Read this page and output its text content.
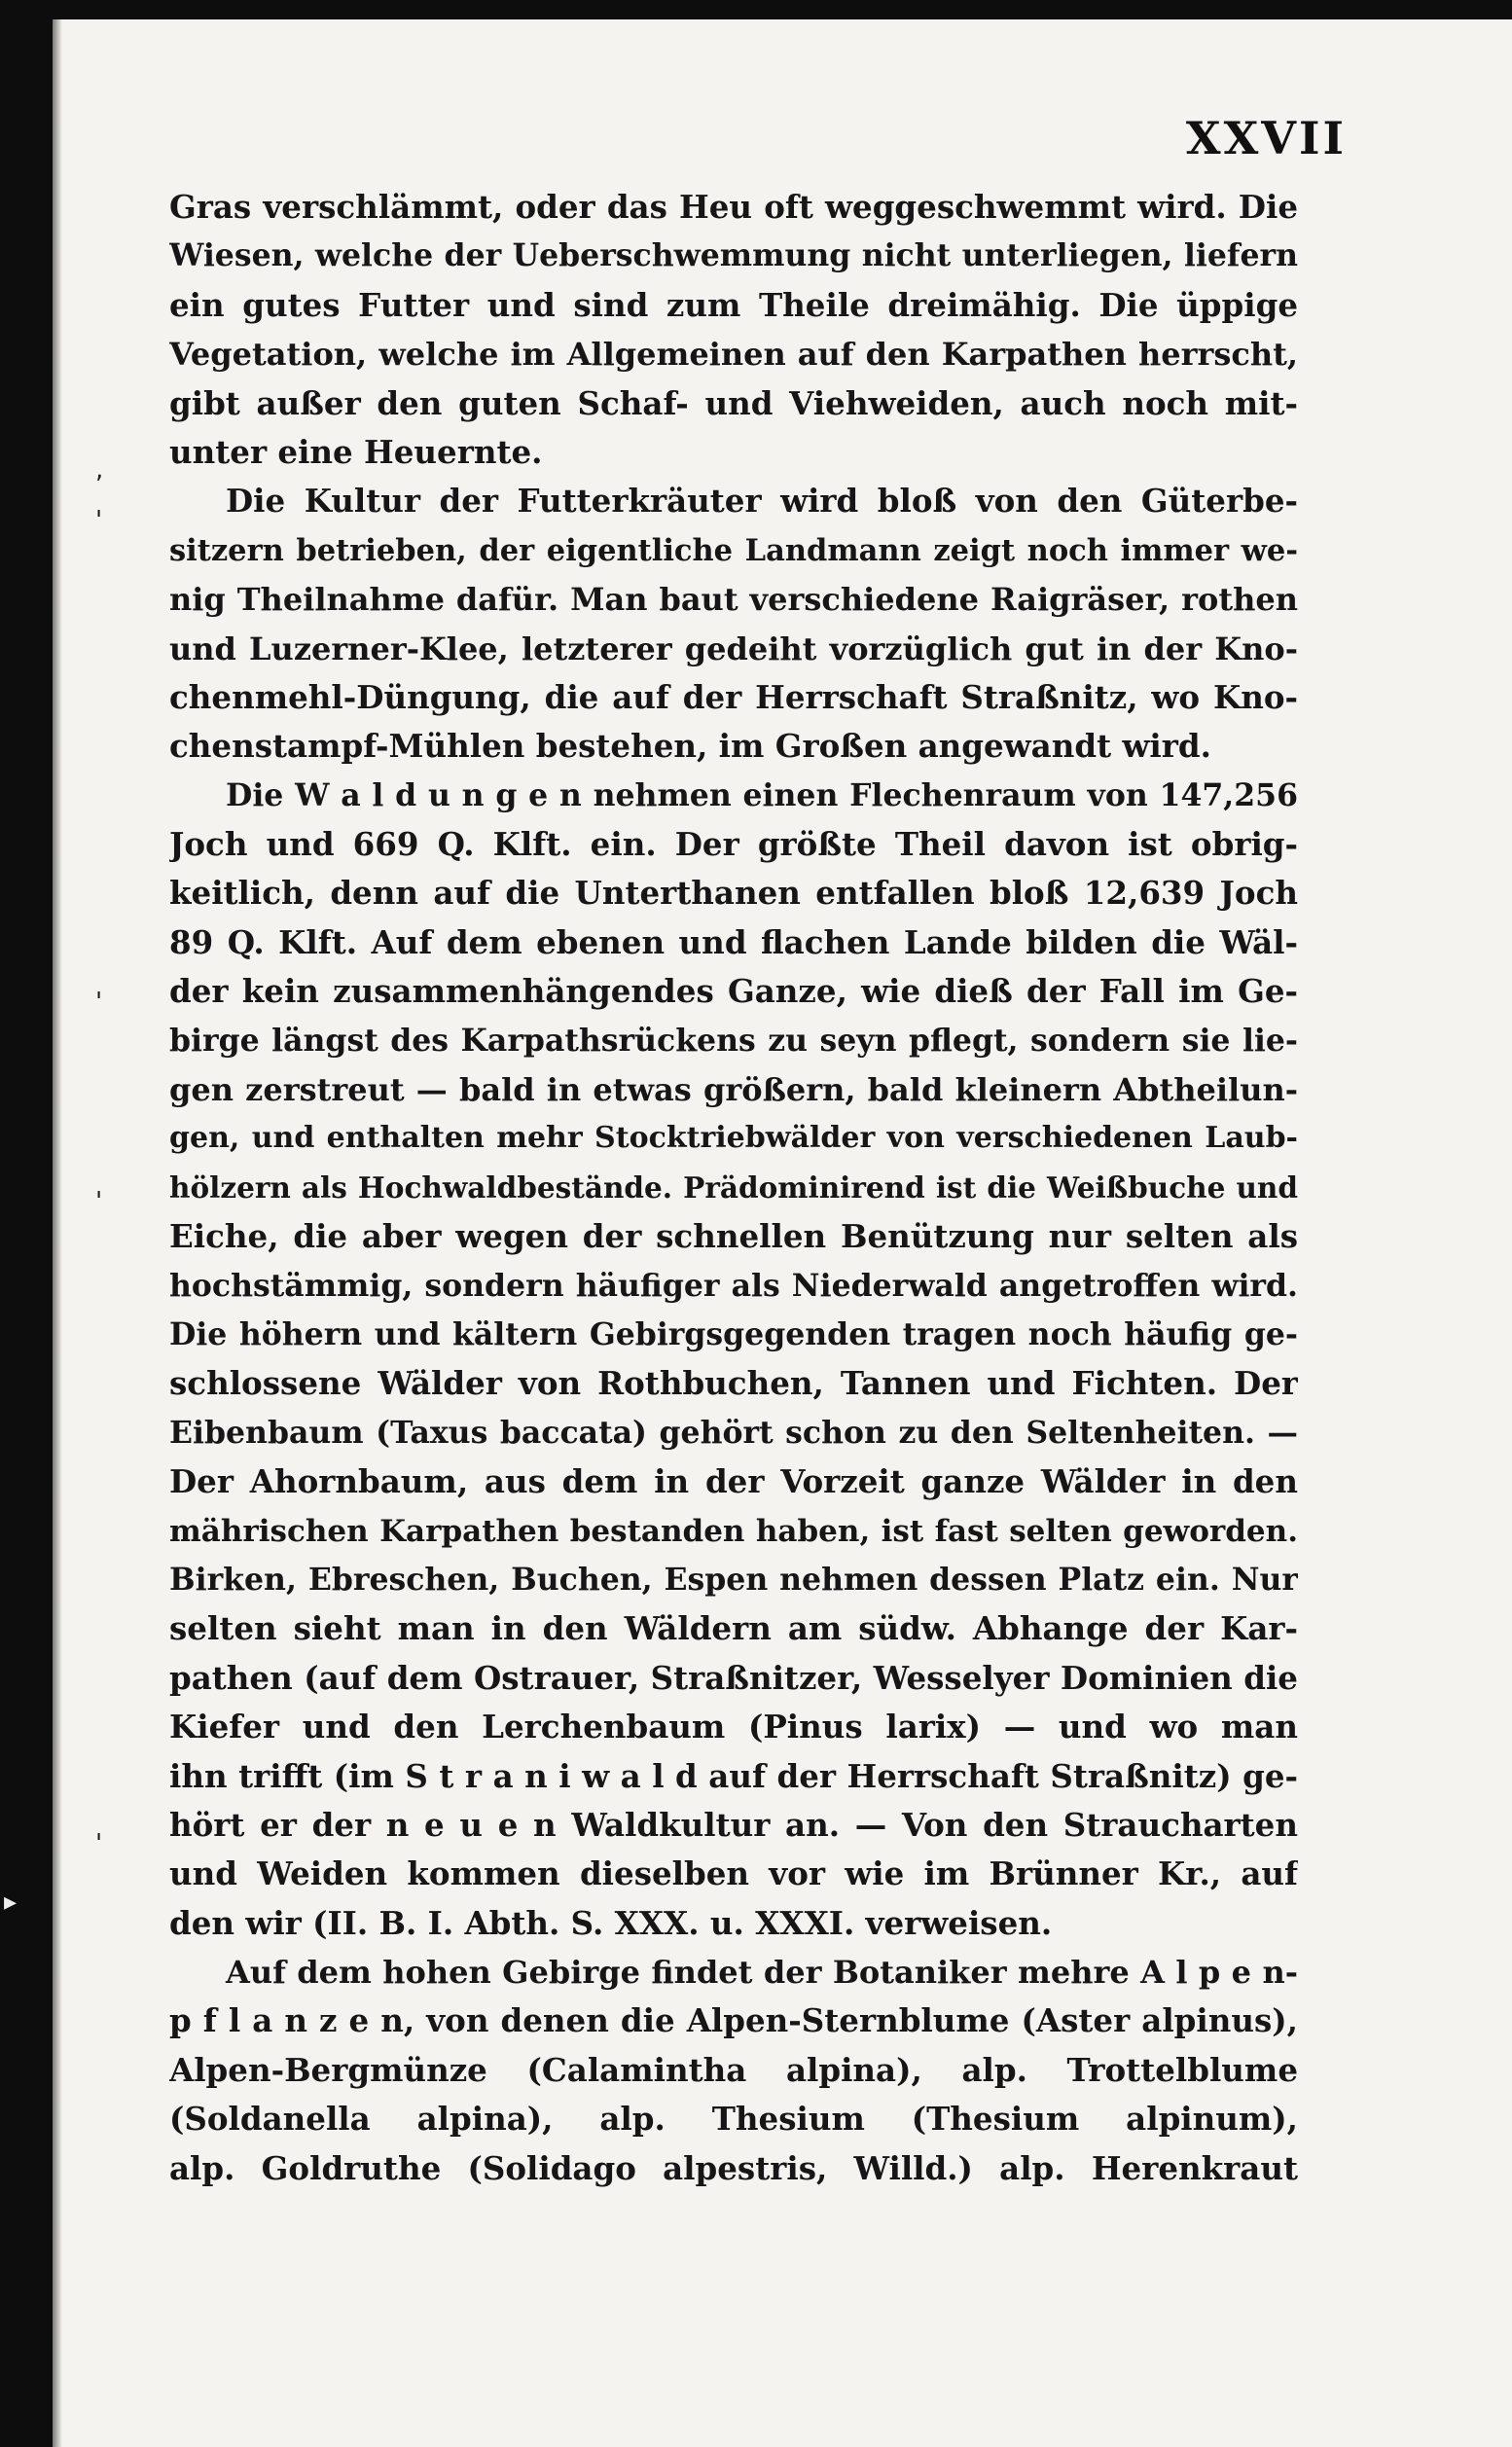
XXVII
Gras verschlämmt, oder das Heu oft weggeschwemmt wird. Die
Wiesen, welche der Ueberschwemmung nicht unterliegen, liefern
ein gutes Futter und sind zum Theile dreimähig. Die üppige
Vegetation, welche im Allgemeinen auf den Karpathen herrscht,
gibt außer den guten Schaf- und Viehweiden, auch noch mit-
unter eine Heuernte.
Die Kultur der Futterkräuter wird bloß von den Güterbe-
sitzern betrieben, der eigentliche Landmann zeigt noch immer we-
nig Theilnahme dafür. Man baut verschiedene Raigräser, rothen
und Luzerner-Klee, letzterer gedeiht vorzüglich gut in der Kno-
chenmehl-Düngung, die auf der Herrschaft Straßnitz, wo Kno-
chenstampf-Mühlen bestehen, im Großen angewandt wird.
Die W a l d u n g e n nehmen einen Flechenraum von 147,256
Joch und 669 Q. Klft. ein. Der größte Theil davon ist obrig-
keitlich, denn auf die Unterthanen entfallen bloß 12,639 Joch
89 Q. Klft. Auf dem ebenen und flachen Lande bilden die Wäl-
der kein zusammenhängendes Ganze, wie dieß der Fall im Ge-
birge längst des Karpathsrückens zu seyn pflegt, sondern sie lie-
gen zerstreut — bald in etwas größern, bald kleinern Abtheilun-
gen, und enthalten mehr Stocktriebwälder von verschiedenen Laub-
hölzern als Hochwaldbestände. Prädominirend ist die Weißbuche und
Eiche, die aber wegen der schnellen Benützung nur selten als
hochstämmig, sondern häufiger als Niederwald angetroffen wird.
Die höhern und kältern Gebirgsgegenden tragen noch häufig ge-
schlossene Wälder von Rothbuchen, Tannen und Fichten. Der
Eibenbaum (Taxus baccata) gehört schon zu den Seltenheiten. —
Der Ahornbaum, aus dem in der Vorzeit ganze Wälder in den
mährischen Karpathen bestanden haben, ist fast selten geworden.
Birken, Ebreschen, Buchen, Espen nehmen dessen Platz ein. Nur
selten sieht man in den Wäldern am südw. Abhange der Kar-
pathen (auf dem Ostrauer, Straßnitzer, Wesselyer Dominien die
Kiefer und den Lerchenbaum (Pinus larix) — und wo man
ihn trifft (im S t r a n i w a l d auf der Herrschaft Straßnitz) ge-
hört er der n e u e n Waldkultur an. — Von den Straucharten
und Weiden kommen dieselben vor wie im Brünner Kr., auf
den wir (II. B. I. Abth. S. XXX. u. XXXI. verweisen.
Auf dem hohen Gebirge findet der Botaniker mehre A l p e n-
p f l a n z e n, von denen die Alpen-Sternblume (Aster alpinus),
Alpen-Bergmünze (Calamintha alpina), alp. Trottelblume
(Soldanella alpina), alp. Thesium (Thesium alpinum),
alp. Goldruthe (Solidago alpestris, Willd.) alp. Herenkraut
,
'
'
'
'
▸
